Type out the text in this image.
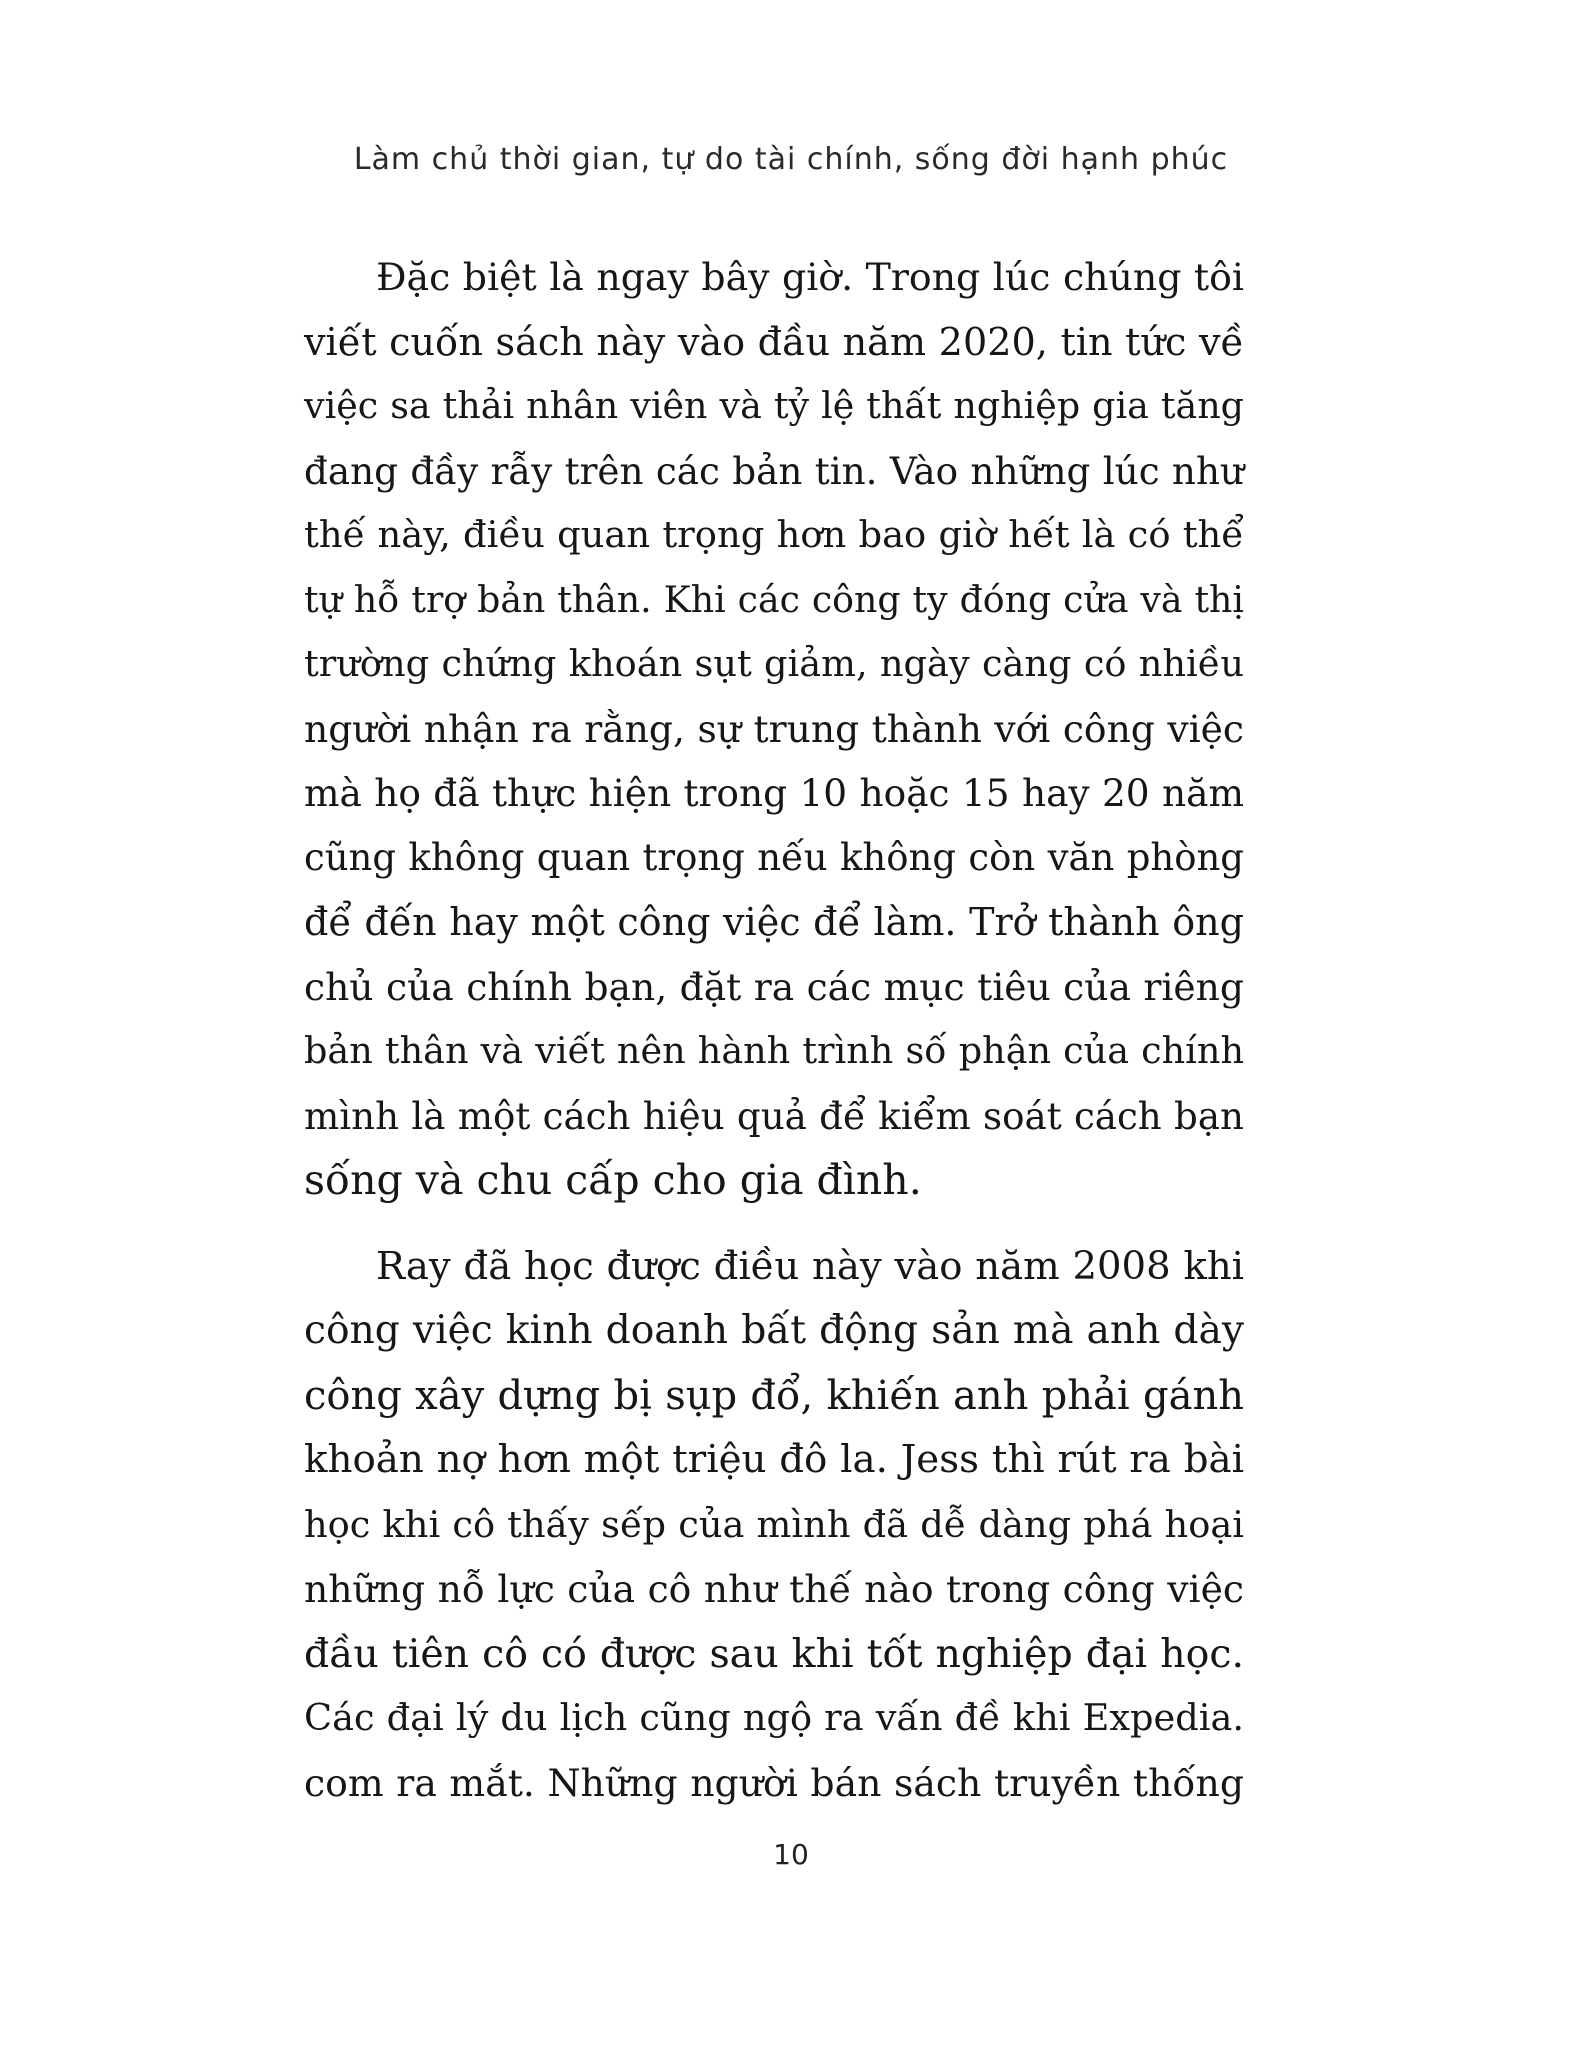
Làm chủ thời gian, tự do tài chính, sống đời hạnh phúc
Đặc biệt là ngay bây giờ. Trong lúc chúng tôi
viết cuốn sách này vào đầu năm 2020, tin tức về
việc sa thải nhân viên và tỷ lệ thất nghiệp gia tăng
đang đầy rẫy trên các bản tin. Vào những lúc như
thế này, điều quan trọng hơn bao giờ hết là có thể
tự hỗ trợ bản thân. Khi các công ty đóng cửa và thị
trường chứng khoán sụt giảm, ngày càng có nhiều
người nhận ra rằng, sự trung thành với công việc
mà họ đã thực hiện trong 10 hoặc 15 hay 20 năm
cũng không quan trọng nếu không còn văn phòng
để đến hay một công việc để làm. Trở thành ông
chủ của chính bạn, đặt ra các mục tiêu của riêng
bản thân và viết nên hành trình số phận của chính
mình là một cách hiệu quả để kiểm soát cách bạn
sống và chu cấp cho gia đình.
Ray đã học được điều này vào năm 2008 khi
công việc kinh doanh bất động sản mà anh dày
công xây dựng bị sụp đổ, khiến anh phải gánh
khoản nợ hơn một triệu đô la. Jess thì rút ra bài
học khi cô thấy sếp của mình đã dễ dàng phá hoại
những nỗ lực của cô như thế nào trong công việc
đầu tiên cô có được sau khi tốt nghiệp đại học.
Các đại lý du lịch cũng ngộ ra vấn đề khi Expedia.
com ra mắt. Những người bán sách truyền thống
10
